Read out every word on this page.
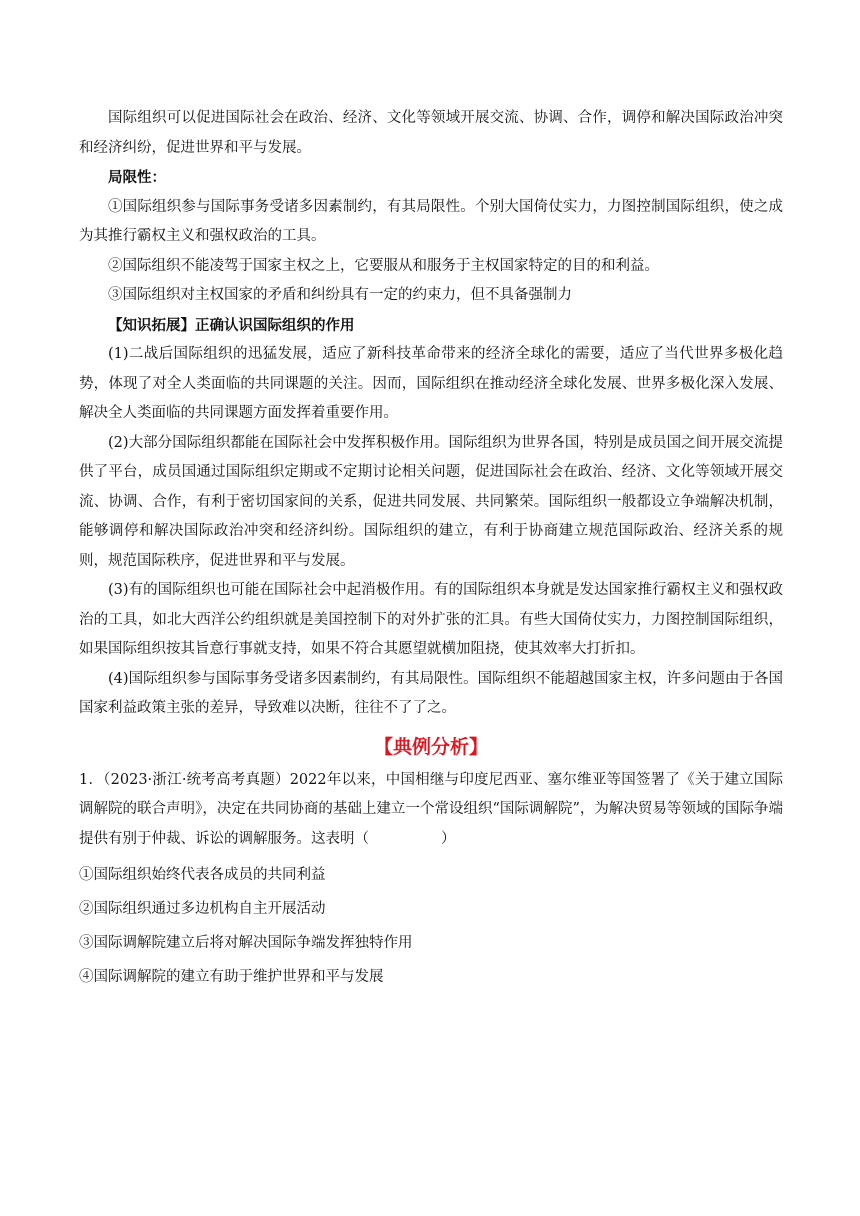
国际组织可以促进国际社会在政治、经济、文化等领域开展交流、协调、合作，调停和解决国际政治冲突和经济纠纷，促进世界和平与发展。

局限性：

①国际组织参与国际事务受诸多因素制约，有其局限性。个别大国倚仗实力，力图控制国际组织，使之成为其推行霸权主义和强权政治的工具。

②国际组织不能凌驾于国家主权之上，它要服从和服务于主权国家特定的目的和利益。

③国际组织对主权国家的矛盾和纠纷具有一定的约束力，但不具备强制力

【知识拓展】正确认识国际组织的作用

(1)二战后国际组织的迅猛发展，适应了新科技革命带来的经济全球化的需要，适应了当代世界多极化趋势，体现了对全人类面临的共同课题的关注。因而，国际组织在推动经济全球化发展、世界多极化深入发展、解决全人类面临的共同课题方面发挥着重要作用。

(2)大部分国际组织都能在国际社会中发挥积极作用。国际组织为世界各国，特别是成员国之间开展交流提供了平台，成员国通过国际组织定期或不定期讨论相关问题，促进国际社会在政治、经济、文化等领域开展交流、协调、合作，有利于密切国家间的关系，促进共同发展、共同繁荣。国际组织一般都设立争端解决机制，能够调停和解决国际政治冲突和经济纠纷。国际组织的建立，有利于协商建立规范国际政治、经济关系的规则，规范国际秩序，促进世界和平与发展。

(3)有的国际组织也可能在国际社会中起消极作用。有的国际组织本身就是发达国家推行霸权主义和强权政治的工具，如北大西洋公约组织就是美国控制下的对外扩张的汇具。有些大国倚仗实力，力图控制国际组织，如果国际组织按其旨意行事就支持，如果不符合其愿望就横加阻挠，使其效率大打折扣。

(4)国际组织参与国际事务受诸多因素制约，有其局限性。国际组织不能超越国家主权，许多问题由于各国国家利益政策主张的差异，导致难以决断，往往不了了之。

【典例分析】

1．（2023·浙江·统考高考真题）2022年以来，中国相继与印度尼西亚、塞尔维亚等国签署了《关于建立国际调解院的联合声明》，决定在共同协商的基础上建立一个常设组织“国际调解院”，为解决贸易等领域的国际争端提供有别于仲裁、诉讼的调解服务。这表明（	）

①国际组织始终代表各成员的共同利益

②国际组织通过多边机构自主开展活动

③国际调解院建立后将对解决国际争端发挥独特作用

④国际调解院的建立有助于维护世界和平与发展
